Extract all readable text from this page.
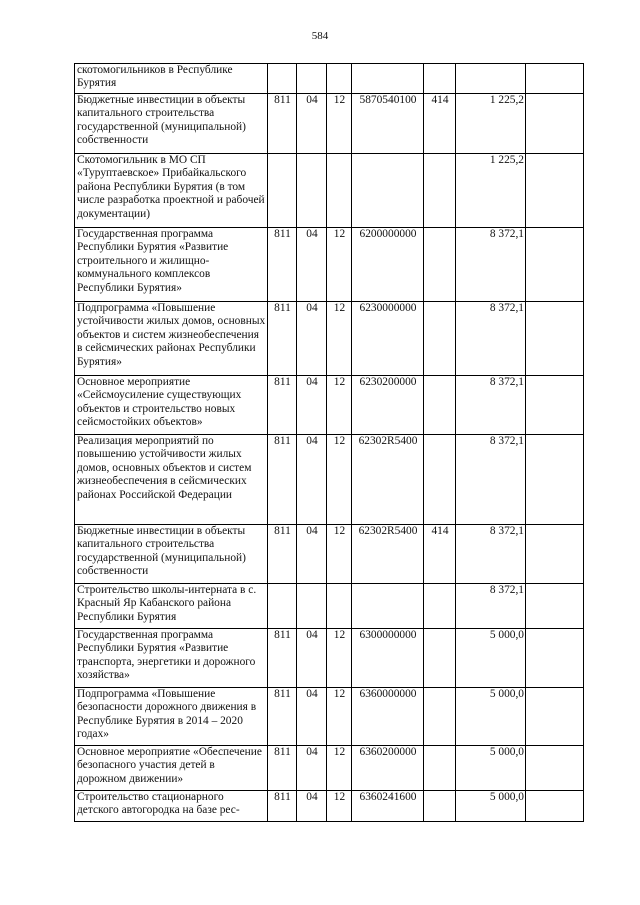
584
скотомогильников в Республике Бурятия							
Бюджетные инвестиции в объекты капитального строительства государственной (муниципальной) собственности	811	04	12	5870540100	414	1 225,2	
Скотомогильник в МО СП «Туруптаевское» Прибайкальского района Республики Бурятия (в том числе разработка проектной и рабочей документации)						1 225,2	
Государственная программа Республики Бурятия «Развитие строительного и жилищно-коммунального комплексов Республики Бурятия»	811	04	12	6200000000		8 372,1	
Подпрограмма «Повышение устойчивости жилых домов, основных объектов и систем жизнеобеспечения в сейсмических районах Республики Бурятия»	811	04	12	6230000000		8 372,1	
Основное мероприятие «Сейсмоусиление существующих объектов и строительство новых сейсмостойких объектов»	811	04	12	6230200000		8 372,1	
Реализация мероприятий по повышению устойчивости жилых домов, основных объектов и систем жизнеобеспечения в сейсмических районах Российской Федерации	811	04	12	62302R5400		8 372,1	
Бюджетные инвестиции в объекты капитального строительства государственной (муниципальной) собственности	811	04	12	62302R5400	414	8 372,1	
Строительство школы-интерната в с. Красный Яр Кабанского района Республики Бурятия						8 372,1	
Государственная программа Республики Бурятия «Развитие транспорта, энергетики и дорожного хозяйства»	811	04	12	6300000000		5 000,0	
Подпрограмма «Повышение безопасности дорожного движения в Республике Бурятия в 2014 – 2020 годах»	811	04	12	6360000000		5 000,0	
Основное мероприятие «Обеспечение безопасного участия детей в дорожном движении»	811	04	12	6360200000		5 000,0	
Строительство стационарного детского автогородка на базе рес-	811	04	12	6360241600		5 000,0	
